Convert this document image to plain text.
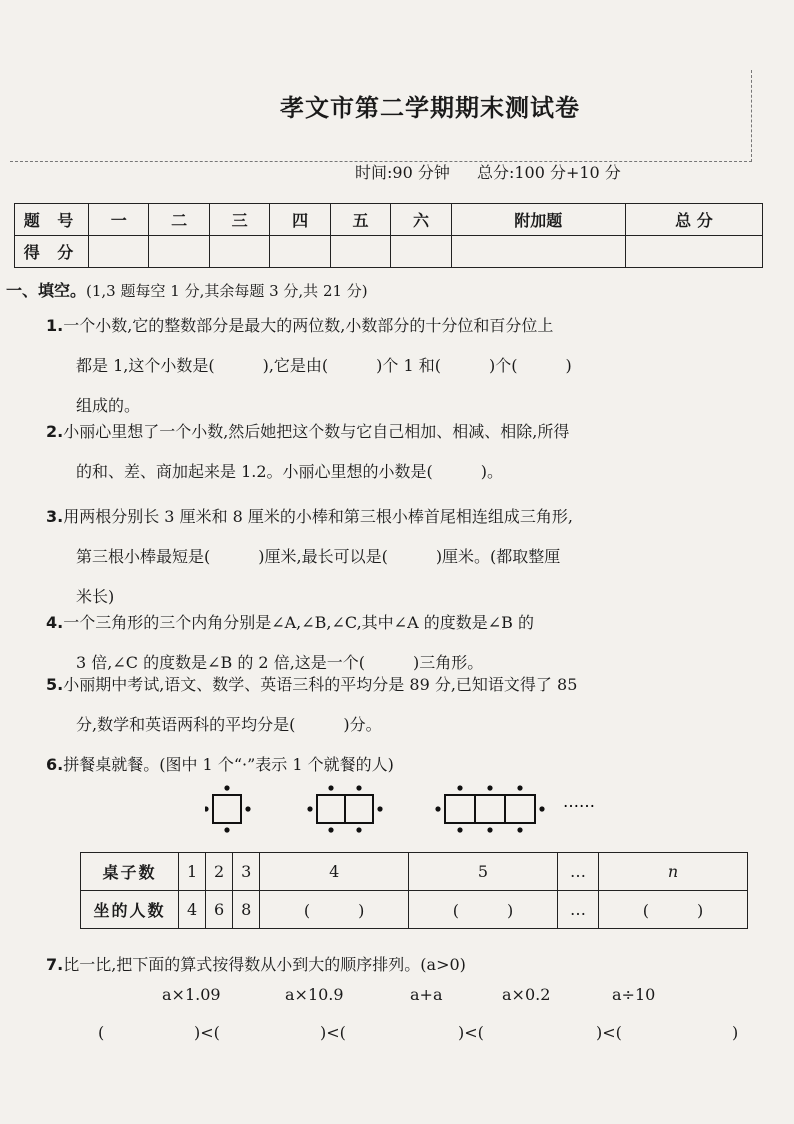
孝文市第二学期期末测试卷
时间:90 分钟 总分:100 分+10 分
题 号	一	二	三	四	五	六	附加题	总 分
得 分								
一、填空。(1,3 题每空 1 分,其余每题 3 分,共 21 分)
1.一个小数,它的整数部分是最大的两位数,小数部分的十分位和百分位上
都是 1,这个小数是(　　　),它是由(　　　)个 1 和(　　　)个(　　　)
组成的。
2.小丽心里想了一个小数,然后她把这个数与它自己相加、相减、相除,所得
的和、差、商加起来是 1.2。小丽心里想的小数是(　　　)。
3.用两根分别长 3 厘米和 8 厘米的小棒和第三根小棒首尾相连组成三角形,
第三根小棒最短是(　　　)厘米,最长可以是(　　　)厘米。(都取整厘
米长)
4.一个三角形的三个内角分别是∠A,∠B,∠C,其中∠A 的度数是∠B 的
3 倍,∠C 的度数是∠B 的 2 倍,这是一个(　　　)三角形。
5.小丽期中考试,语文、数学、英语三科的平均分是 89 分,已知语文得了 85
分,数学和英语两科的平均分是(　　　)分。
6.拼餐桌就餐。(图中 1 个“·”表示 1 个就餐的人)
……
桌子数	1	2	3	4	5	…	n
坐的人数	4	6	8	(　　　)	(　　　)	…	(　　　)
7.比一比,把下面的算式按得数从小到大的顺序排列。(a>0)
a×1.09	a×10.9	a+a	a×0.2	a÷10
(	)<(	)<(	)<(	)<(	)
